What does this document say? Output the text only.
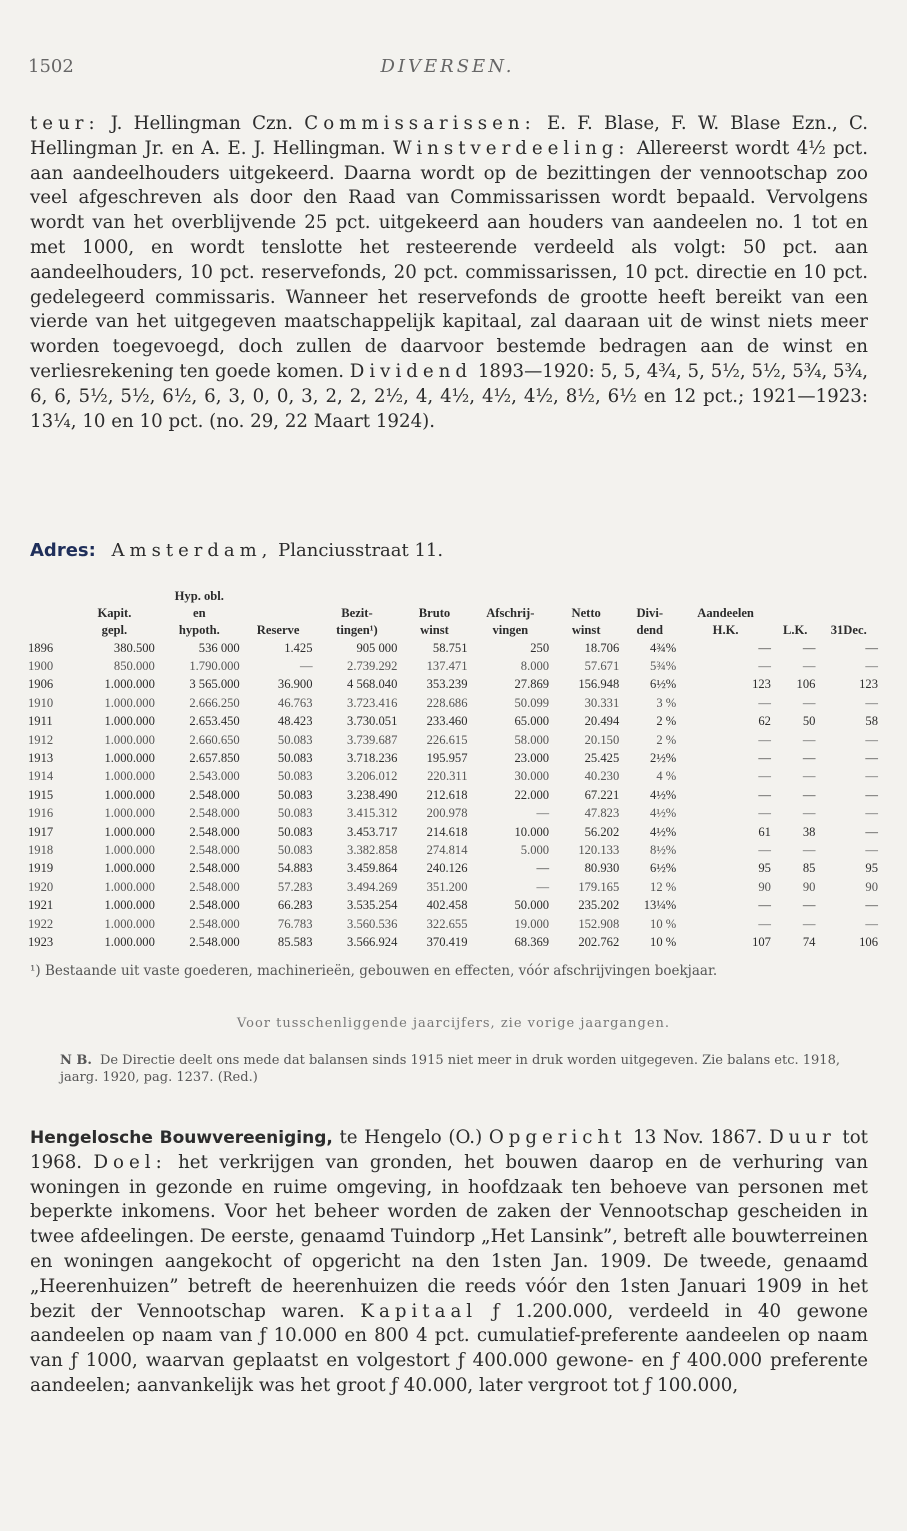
1502	DIVERSEN.
teur: J. Hellingman Czn. Commissarissen: E. F. Blase, F. W. Blase Ezn., C. Hellingman Jr. en A. E. J. Hellingman. Winstverdeeling: Allereerst wordt 4½ pct. aan aandeelhouders uitgekeerd. Daarna wordt op de bezittingen der vennootschap zoo veel afgeschreven als door den Raad van Commissarissen wordt bepaald. Vervolgens wordt van het overblijvende 25 pct. uitgekeerd aan houders van aandeelen no. 1 tot en met 1000, en wordt tenslotte het resteerende verdeeld als volgt: 50 pct. aan aandeelhouders, 10 pct. reservefonds, 20 pct. commissarissen, 10 pct. directie en 10 pct. gedelegeerd commissaris. Wanneer het reservefonds de grootte heeft bereikt van een vierde van het uitgegeven maatschappelijk kapitaal, zal daaraan uit de winst niets meer worden toegevoegd, doch zullen de daarvoor bestemde bedragen aan de winst en verliesrekening ten goede komen. Dividend 1893—1920: 5, 5, 4¾, 5, 5½, 5½, 5¾, 5¾, 6, 6, 5½, 5½, 6½, 6, 3, 0, 0, 3, 2, 2, 2½, 4, 4½, 4½, 4½, 8½, 6½ en 12 pct.; 1921—1923: 13¼, 10 en 10 pct. (no. 29, 22 Maart 1924).
Adres: Amsterdam, Planciusstraat 11.
		Hyp. obl.									
	Kapit.	en		Bezit-	Bruto	Afschrij-	Netto	Divi-	Aandeelen		
	gepl.	hypoth.	Reserve	tingen¹)	winst	vingen	winst	dend	H.K.	L.K.	31Dec.
1896	380.500	536 000	1.425	905 000	58.751	250	18.706	4¾%	—	—	—
1900	850.000	1.790.000	—	2.739.292	137.471	8.000	57.671	5¾%	—	—	—
1906	1.000.000	3 565.000	36.900	4 568.040	353.239	27.869	156.948	6½%	123	106	123
1910	1.000.000	2.666.250	46.763	3.723.416	228.686	50.099	30.331	3 %	—	—	—
1911	1.000.000	2.653.450	48.423	3.730.051	233.460	65.000	20.494	2 %	62	50	58
1912	1.000.000	2.660.650	50.083	3.739.687	226.615	58.000	20.150	2 %	—	—	—
1913	1.000.000	2.657.850	50.083	3.718.236	195.957	23.000	25.425	2½%	—	—	—
1914	1.000.000	2.543.000	50.083	3.206.012	220.311	30.000	40.230	4 %	—	—	—
1915	1.000.000	2.548.000	50.083	3.238.490	212.618	22.000	67.221	4½%	—	—	—
1916	1.000.000	2.548.000	50.083	3.415.312	200.978	—	47.823	4½%	—	—	—
1917	1.000.000	2.548.000	50.083	3.453.717	214.618	10.000	56.202	4½%	61	38	—
1918	1.000.000	2.548.000	50.083	3.382.858	274.814	5.000	120.133	8½%	—	—	—
1919	1.000.000	2.548.000	54.883	3.459.864	240.126	—	80.930	6½%	95	85	95
1920	1.000.000	2.548.000	57.283	3.494.269	351.200	—	179.165	12 %	90	90	90
1921	1.000.000	2.548.000	66.283	3.535.254	402.458	50.000	235.202	13¼%	—	—	—
1922	1.000.000	2.548.000	76.783	3.560.536	322.655	19.000	152.908	10 %	—	—	—
1923	1.000.000	2.548.000	85.583	3.566.924	370.419	68.369	202.762	10 %	107	74	106
¹) Bestaande uit vaste goederen, machinerieën, gebouwen en effecten, vóór afschrijvingen boekjaar.
Voor tusschenliggende jaarcijfers, zie vorige jaargangen.
N B. De Directie deelt ons mede dat balansen sinds 1915 niet meer in druk worden uitgegeven. Zie balans etc. 1918, jaarg. 1920, pag. 1237. (Red.)
Hengelosche Bouwvereeniging, te Hengelo (O.) Opgericht 13 Nov. 1867. Duur tot 1968. Doel: het verkrijgen van gronden, het bouwen daarop en de verhuring van woningen in gezonde en ruime omgeving, in hoofdzaak ten behoeve van personen met beperkte inkomens. Voor het beheer worden de zaken der Vennootschap gescheiden in twee afdeelingen. De eerste, genaamd Tuindorp „Het Lansink”, betreft alle bouwterreinen en woningen aangekocht of opgericht na den 1sten Jan. 1909. De tweede, genaamd „Heerenhuizen” betreft de heerenhuizen die reeds vóór den 1sten Januari 1909 in het bezit der Vennootschap waren. Kapitaal ƒ 1.200.000, verdeeld in 40 gewone aandeelen op naam van ƒ 10.000 en 800 4 pct. cumulatief-preferente aandeelen op naam van ƒ 1000, waarvan geplaatst en volgestort ƒ 400.000 gewone- en ƒ 400.000 preferente aandeelen; aanvankelijk was het groot ƒ 40.000, later vergroot tot ƒ 100.000,
